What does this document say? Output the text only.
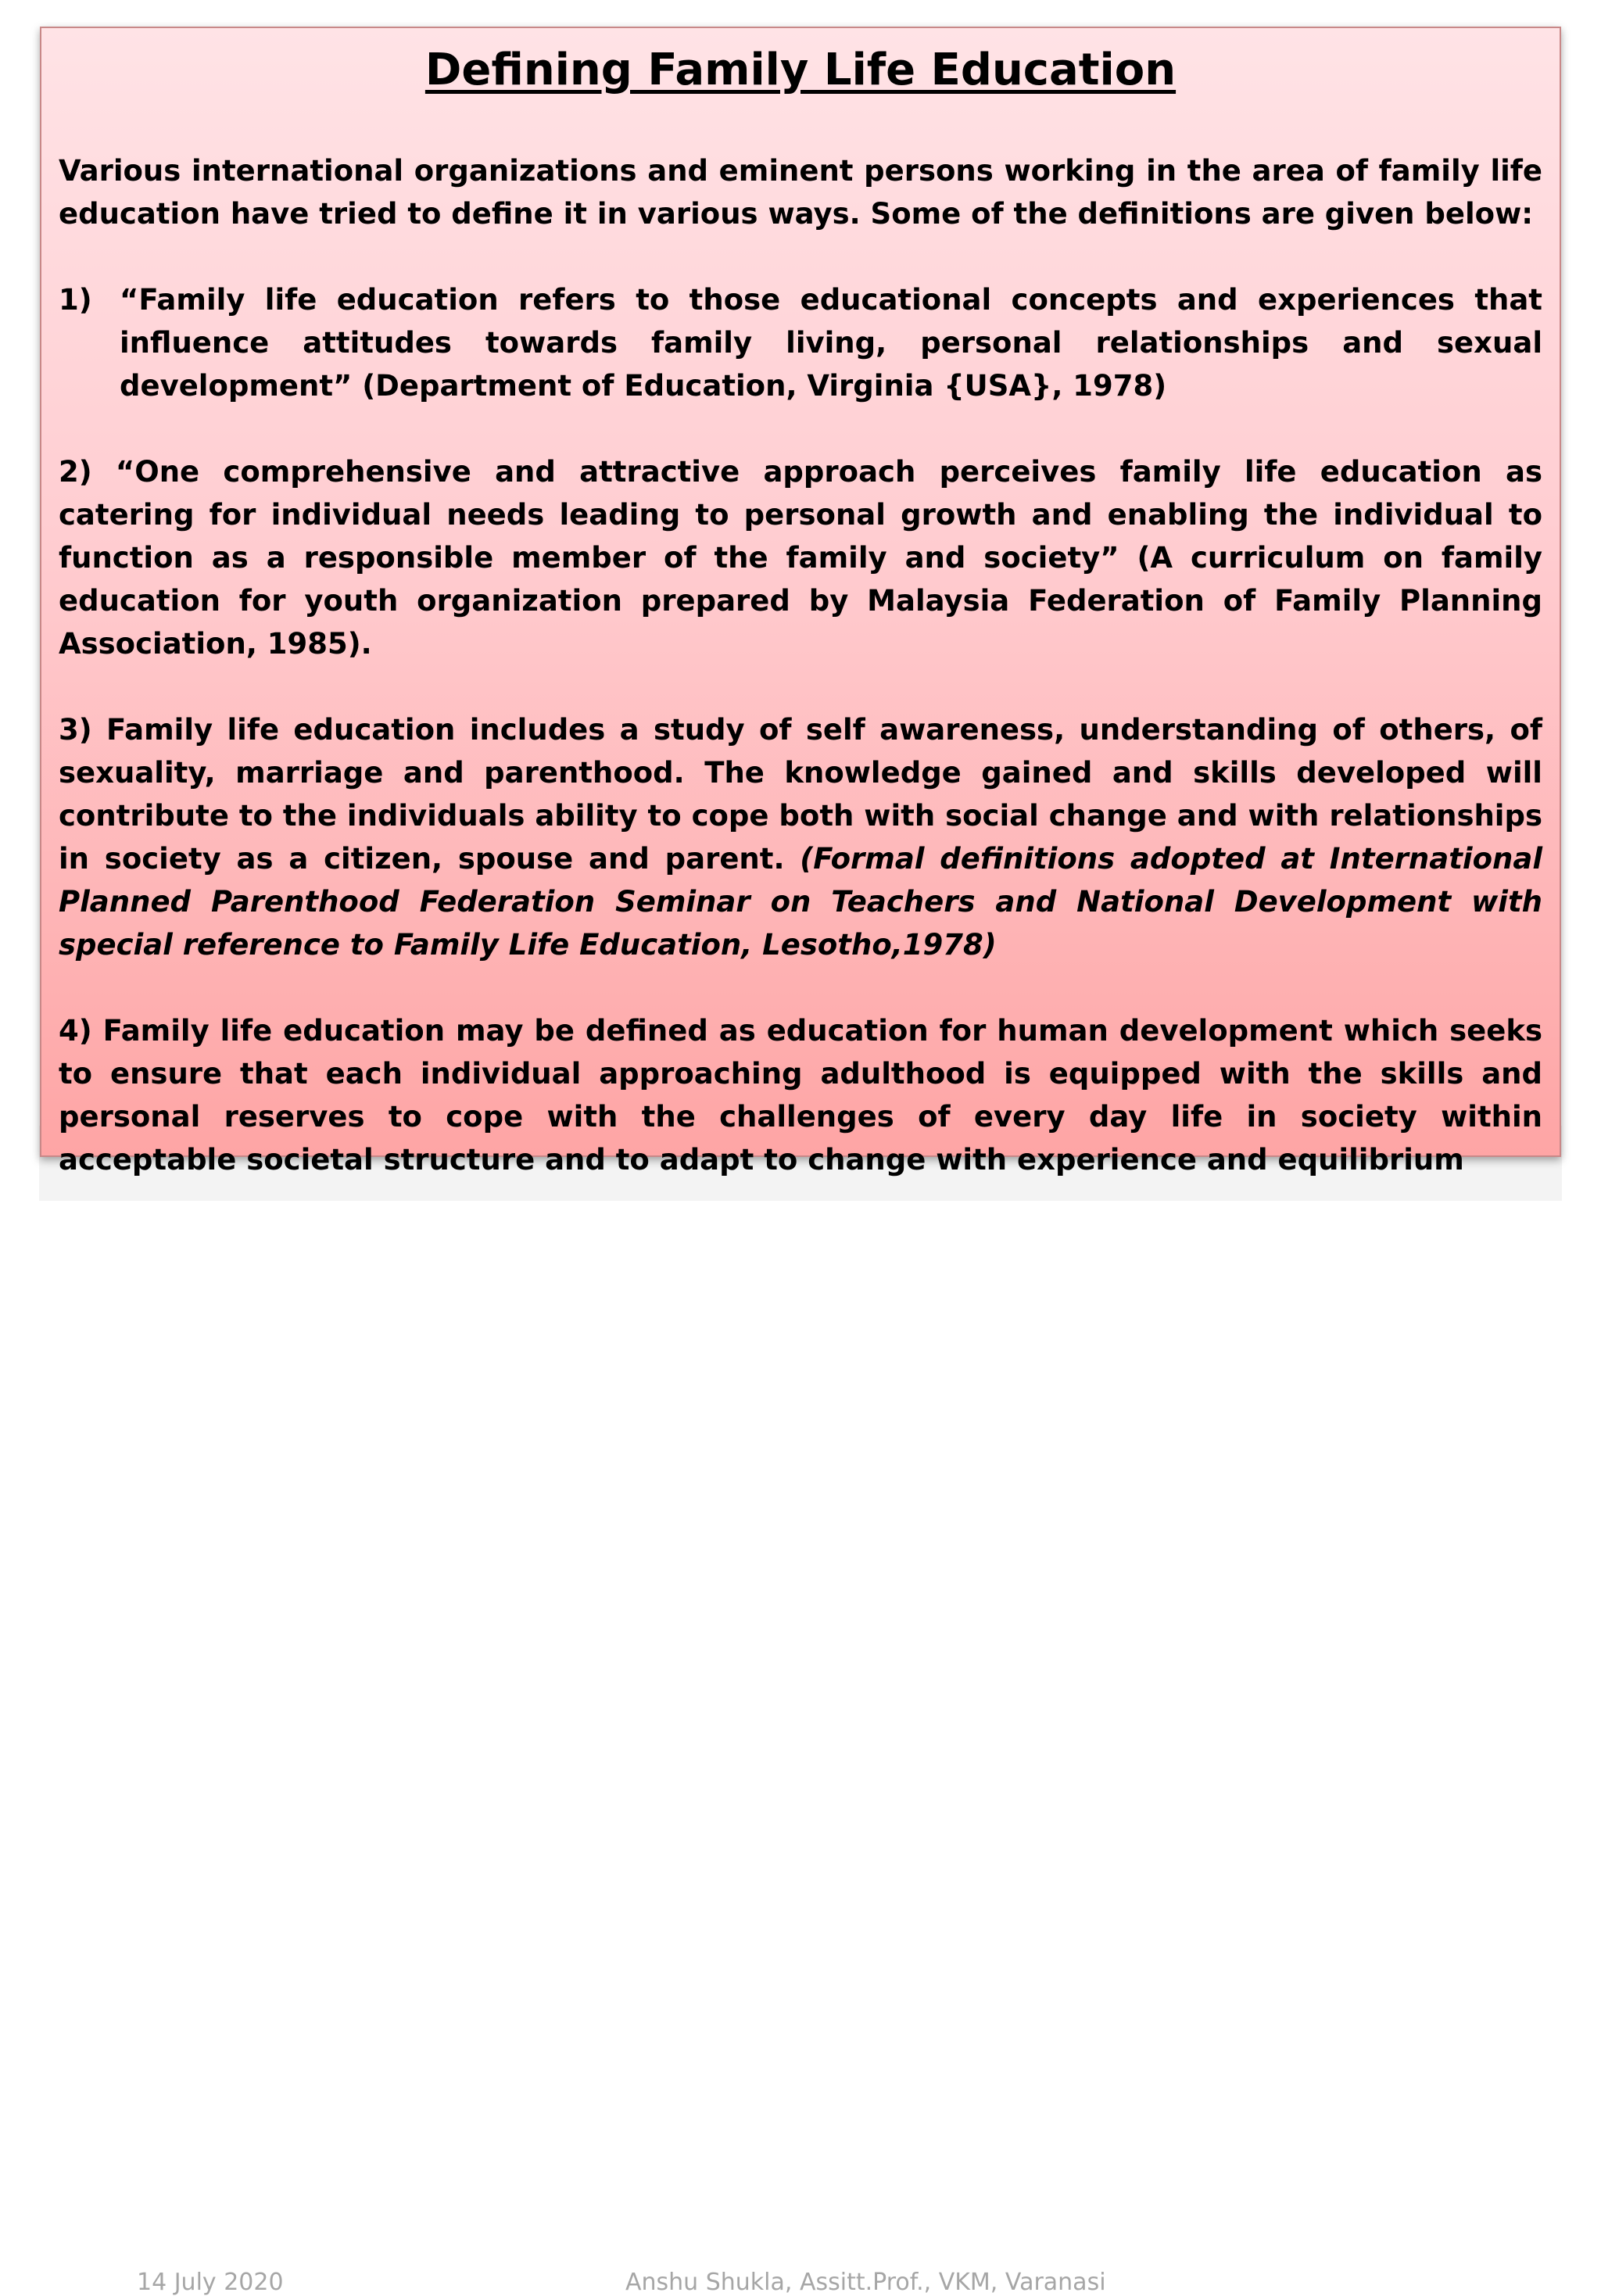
14 July 2020	Anshu Shukla, Assitt.Prof., VKM, Varanasi
Defining Family Life Education
Various international organizations and eminent persons working in the area of family life education have tried to define it in various ways. Some of the definitions are given below:
1) “Family life education refers to those educational concepts and experiences that influence attitudes towards family living, personal relationships and sexual development” (Department of Education, Virginia {USA}, 1978)
2) “One comprehensive and attractive approach perceives family life education as catering for individual needs leading to personal growth and enabling the individual to function as a responsible member of the family and society” (A curriculum on family education for youth organization prepared by Malaysia Federation of Family Planning Association, 1985).
3) Family life education includes a study of self awareness, understanding of others, of sexuality, marriage and parenthood. The knowledge gained and skills developed will contribute to the individuals ability to cope both with social change and with relationships in society as a citizen, spouse and parent. (Formal definitions adopted at International Planned Parenthood Federation Seminar on Teachers and National Development with special reference to Family Life Education, Lesotho,1978)
4) Family life education may be defined as education for human development which seeks to ensure that each individual approaching adulthood is equipped with the skills and personal reserves to cope with the challenges of every day life in society within acceptable societal structure and to adapt to change with experience and equilibrium
